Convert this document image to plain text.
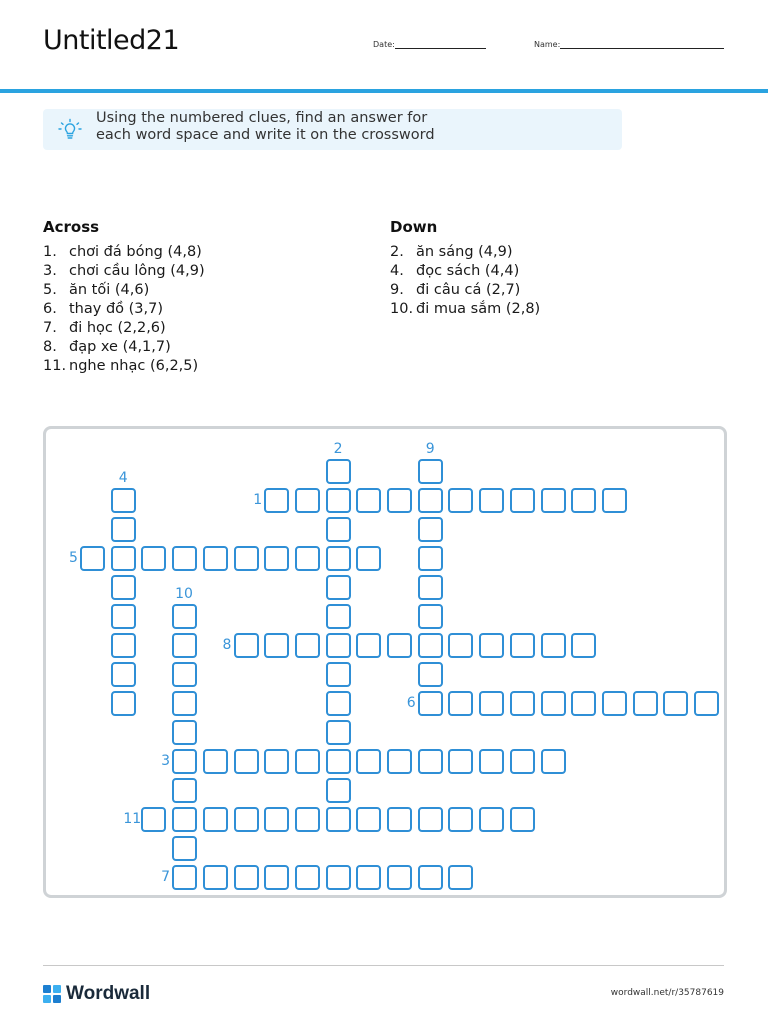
Untitled21	Date:	Name:
Using the numbered clues, find an answer for
each word space and write it on the crossword
Across
1. chơi đá bóng (4,8)
3. chơi cầu lông (4,9)
5. ăn tối (4,6)
6. thay đồ (3,7)
7. đi học (2,2,6)
8. đạp xe (4,1,7)
11. nghe nhạc (6,2,5)
Down
2. ăn sáng (4,9)
4. đọc sách (4,4)
9. đi câu cá (2,7)
10. đi mua sắm (2,8)
1
5
8
6
3
11
7
2	9
4
10
Wordwall	wordwall.net/r/35787619
